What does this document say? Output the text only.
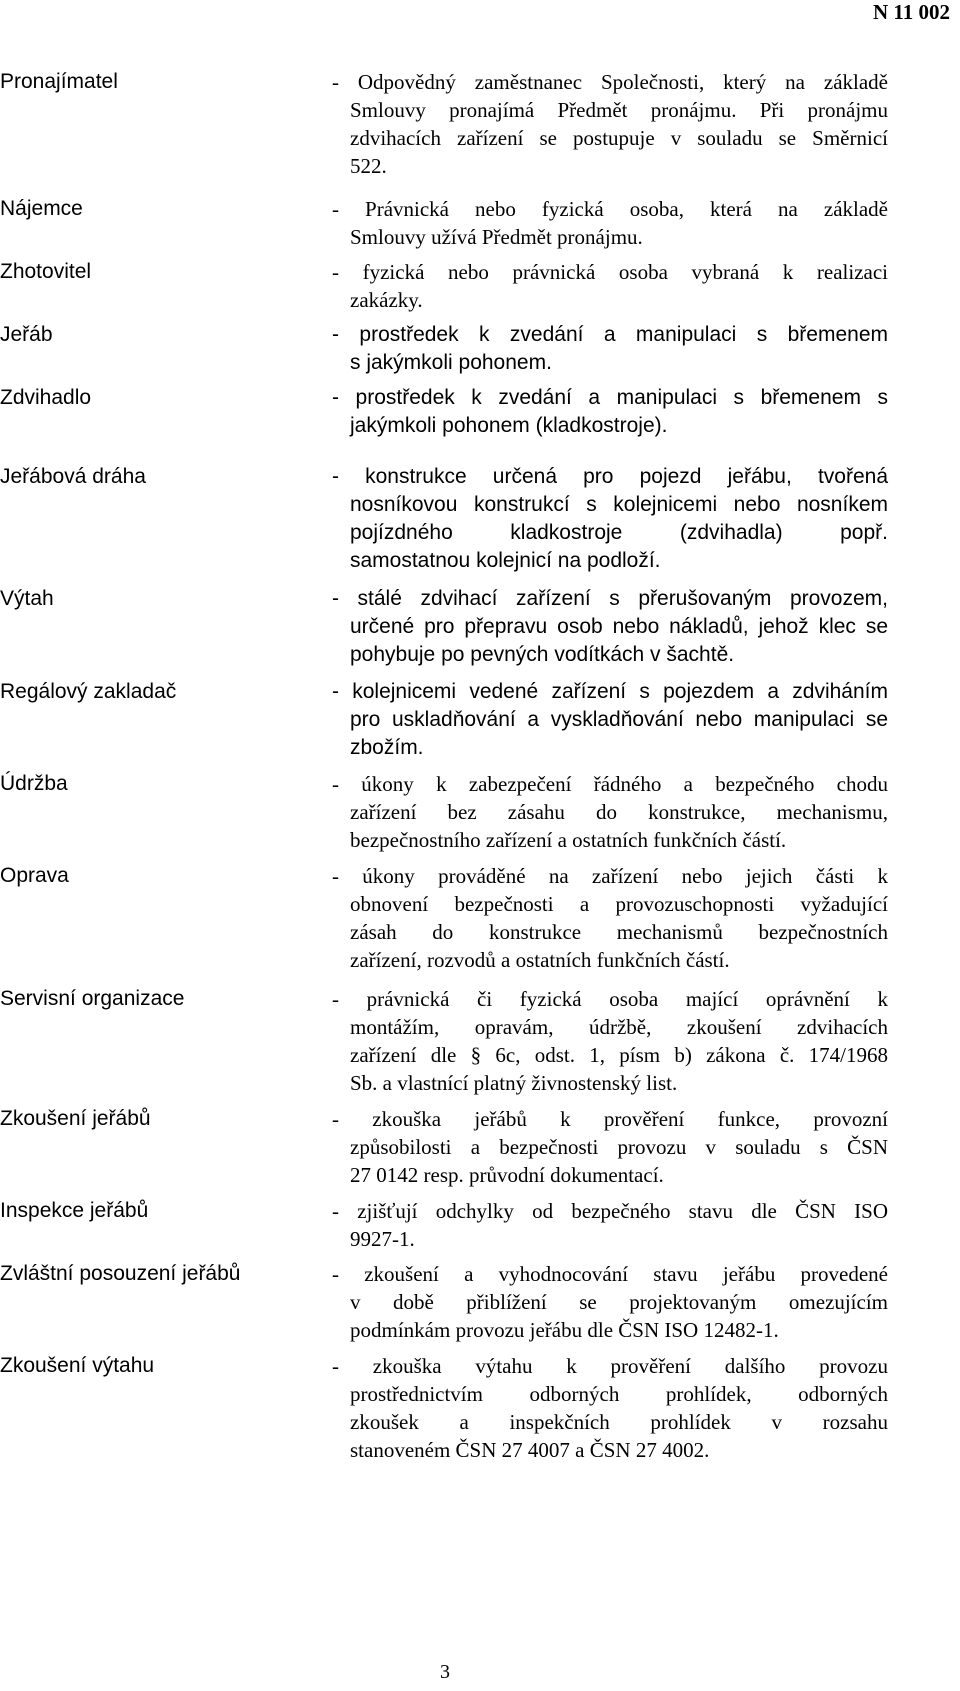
N 11 002
Pronajímatel	- Odpovědný zaměstnanec Společnosti, který na základě
Smlouvy pronajímá Předmět pronájmu. Při pronájmu
zdvihacích zařízení se postupuje v souladu se Směrnicí
522.
Nájemce	- Právnická nebo fyzická osoba, která na základě
Smlouvy užívá Předmět pronájmu.
Zhotovitel	- fyzická nebo právnická osoba vybraná k realizaci
zakázky.
Jeřáb	- prostředek k zvedání a manipulaci s břemenem
s jakýmkoli pohonem.
Zdvihadlo	- prostředek k zvedání a manipulaci s břemenem s
jakýmkoli pohonem (kladkostroje).
Jeřábová dráha	- konstrukce určená pro pojezd jeřábu, tvořená
nosníkovou konstrukcí s kolejnicemi nebo nosníkem
pojízdného kladkostroje (zdvihadla) popř.
samostatnou kolejnicí na podloží.
Výtah	- stálé zdvihací zařízení s přerušovaným provozem,
určené pro přepravu osob nebo nákladů, jehož klec se
pohybuje po pevných vodítkách v šachtě.
Regálový zakladač	- kolejnicemi vedené zařízení s pojezdem a zdviháním
pro uskladňování a vyskladňování nebo manipulaci se
zbožím.
Údržba	- úkony k zabezpečení řádného a bezpečného chodu
zařízení bez zásahu do konstrukce, mechanismu,
bezpečnostního zařízení a ostatních funkčních částí.
Oprava	- úkony prováděné na zařízení nebo jejich části k
obnovení bezpečnosti a provozuschopnosti vyžadující
zásah do konstrukce mechanismů bezpečnostních
zařízení, rozvodů a ostatních funkčních částí.
Servisní organizace	- právnická či fyzická osoba mající oprávnění k
montážím, opravám, údržbě, zkoušení zdvihacích
zařízení dle § 6c, odst. 1, písm b) zákona č. 174/1968
Sb. a vlastnící platný živnostenský list.
Zkoušení jeřábů	- zkouška jeřábů k prověření funkce, provozní
způsobilosti a bezpečnosti provozu v souladu s ČSN
27 0142 resp. průvodní dokumentací.
Inspekce jeřábů	- zjišťují odchylky od bezpečného stavu dle ČSN ISO
9927-1.
Zvláštní posouzení jeřábů	- zkoušení a vyhodnocování stavu jeřábu provedené
v době přiblížení se projektovaným omezujícím
podmínkám provozu jeřábu dle ČSN ISO 12482-1.
Zkoušení výtahu	- zkouška výtahu k prověření dalšího provozu
prostřednictvím odborných prohlídek, odborných
zkoušek a inspekčních prohlídek v rozsahu
stanoveném ČSN 27 4007 a ČSN 27 4002.
3
